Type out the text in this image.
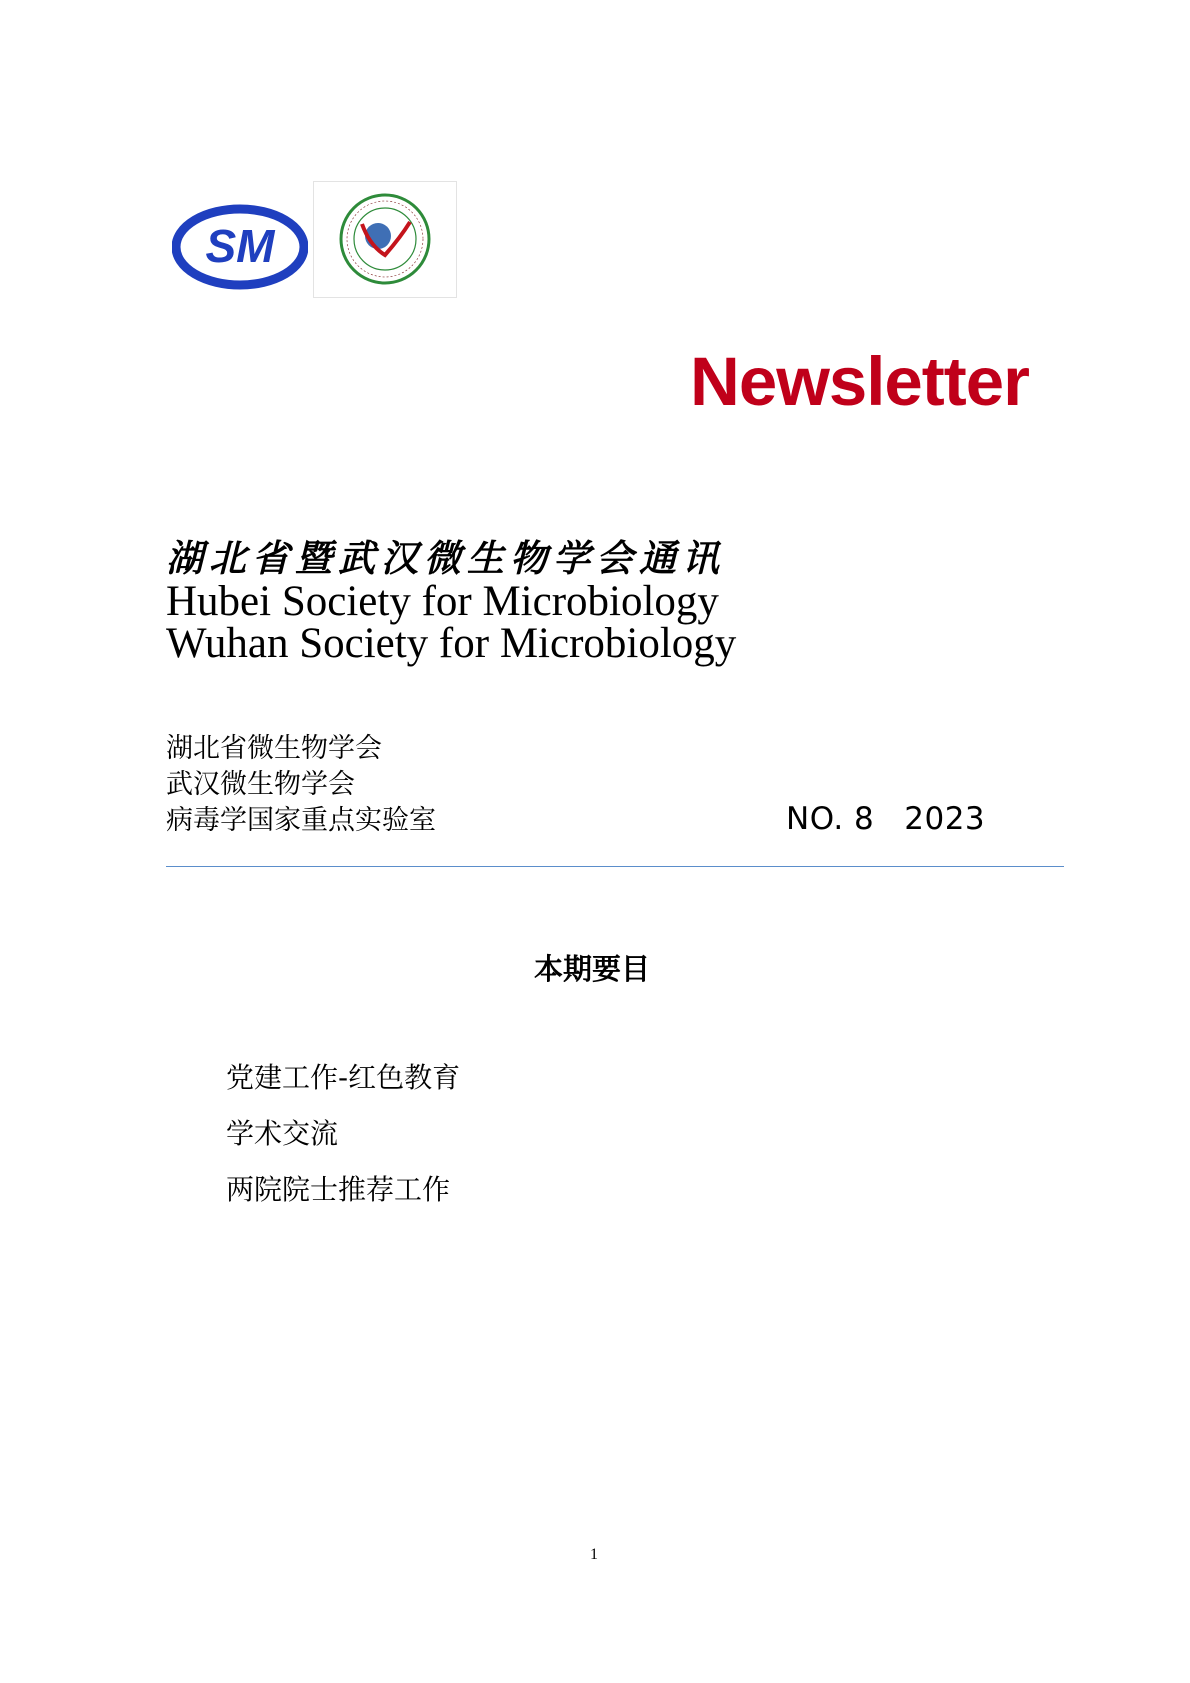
SM
Newsletter
湖北省暨武汉微生物学会通讯
Hubei Society for Microbiology
Wuhan Society for Microbiology
湖北省微生物学会
武汉微生物学会
病毒学国家重点实验室	NO. 8 2023
本期要目
党建工作-红色教育
学术交流
两院院士推荐工作
1
